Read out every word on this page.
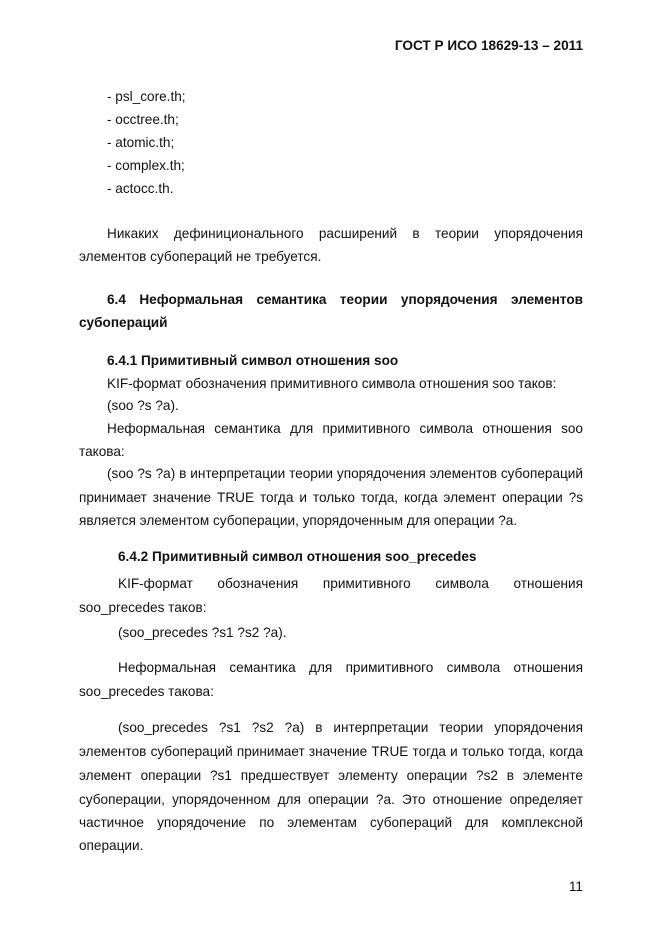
ГОСТ Р ИСО 18629-13 – 2011
- psl_core.th;
- occtree.th;
- atomic.th;
- complex.th;
- actocc.th.
Никаких дефиниционального расширений в теории упорядочения
элементов субопераций не требуется.
6.4 Неформальная семантика теории упорядочения элементов
субопераций
6.4.1 Примитивный символ отношения soo
KIF-формат обозначения примитивного символа отношения soo таков:
(soo ?s ?a).
Неформальная семантика для примитивного символа отношения soo
такова:
(soo ?s ?a) в интерпретации теории упорядочения элементов субопераций
принимает значение TRUE тогда и только тогда, когда элемент операции ?s
является элементом субоперации, упорядоченным для операции ?a.
6.4.2 Примитивный символ отношения soo_precedes
KIF-формат обозначения примитивного символа отношения
soo_precedes таков:
(soo_precedes ?s1 ?s2 ?a).
Неформальная семантика для примитивного символа отношения
soo_precedes такова:
(soo_precedes ?s1 ?s2 ?a) в интерпретации теории упорядочения
элементов субопераций принимает значение TRUE тогда и только тогда, когда
элемент операции ?s1 предшествует элементу операции ?s2 в элементе
субоперации, упорядоченном для операции ?a. Это отношение определяет
частичное упорядочение по элементам субопераций для комплексной
операции.
11
